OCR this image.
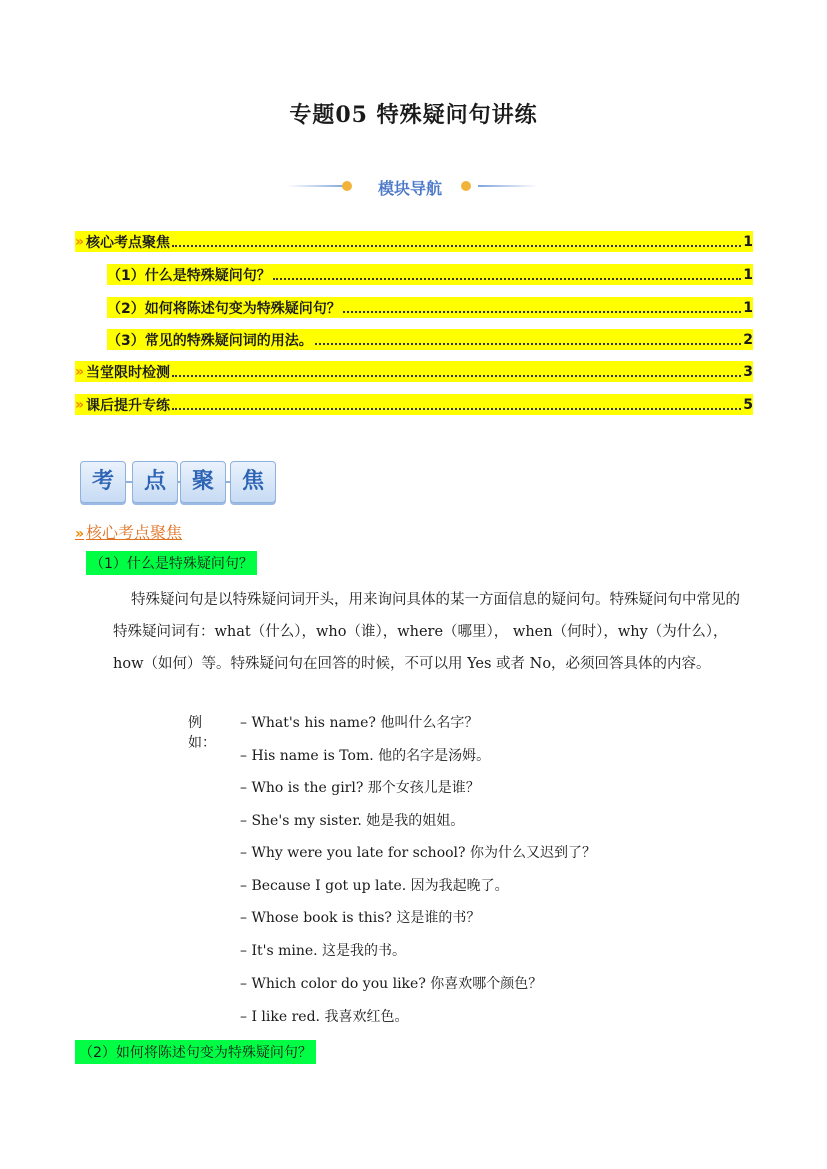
专题05 特殊疑问句讲练
模块导航
» 核心考点聚焦	1
（1）什么是特殊疑问句？	1
（2）如何将陈述句变为特殊疑问句？	1
（3）常见的特殊疑问词的用法。	2
» 当堂限时检测	3
» 课后提升专练	5
考	点	聚	焦
» 核心考点聚焦
（1）什么是特殊疑问句？
特殊疑问句是以特殊疑问词开头，用来询问具体的某一方面信息的疑问句。特殊疑问句中常见的特殊疑问词有：what（什么），who（谁），where（哪里）， when（何时），why（为什么），how（如何）等。特殊疑问句在回答的时候，不可以用 Yes 或者 No，必须回答具体的内容。
例如：
– What's his name? 他叫什么名字？
– His name is Tom. 他的名字是汤姆。
– Who is the girl? 那个女孩儿是谁？
– She's my sister. 她是我的姐姐。
– Why were you late for school? 你为什么又迟到了？
– Because I got up late. 因为我起晚了。
– Whose book is this? 这是谁的书？
– It's mine. 这是我的书。
– Which color do you like? 你喜欢哪个颜色？
– I like red. 我喜欢红色。
（2）如何将陈述句变为特殊疑问句？
